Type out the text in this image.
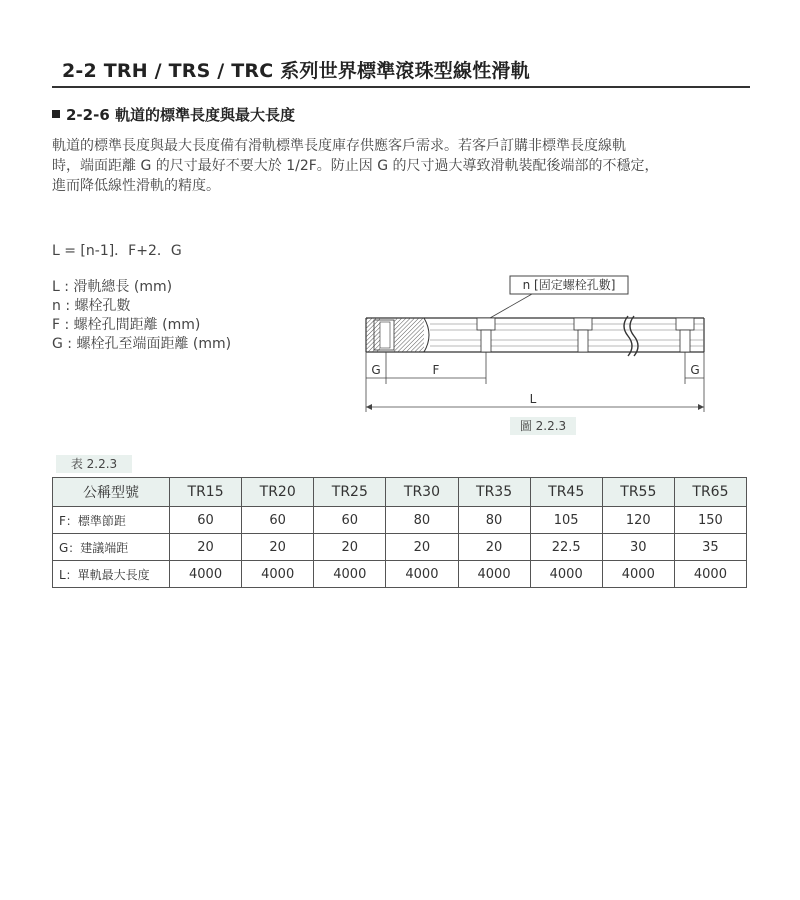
2-2 TRH / TRS / TRC 系列世界標準滾珠型線性滑軌
2-2-6 軌道的標準長度與最大長度
軌道的標準長度與最大長度備有滑軌標準長度庫存供應客戶需求。若客戶訂購非標準長度線軌
時，端面距離 G 的尺寸最好不要大於 1/2F。防止因 G 的尺寸過大導致滑軌裝配後端部的不穩定，
進而降低線性滑軌的精度。
L = [n-1]．F+2．G
L : 滑軌總長 (mm)
n : 螺栓孔數
F : 螺栓孔間距離 (mm)
G : 螺栓孔至端面距離 (mm)
n [固定螺栓孔數]
G	F	G
L
圖 2.2.3
表 2.2.3
公稱型號	TR15	TR20	TR25	TR30	TR35	TR45	TR55	TR65
F：標準節距	60	60	60	80	80	105	120	150
G：建議端距	20	20	20	20	20	22.5	30	35
L：單軌最大長度	4000	4000	4000	4000	4000	4000	4000	4000
